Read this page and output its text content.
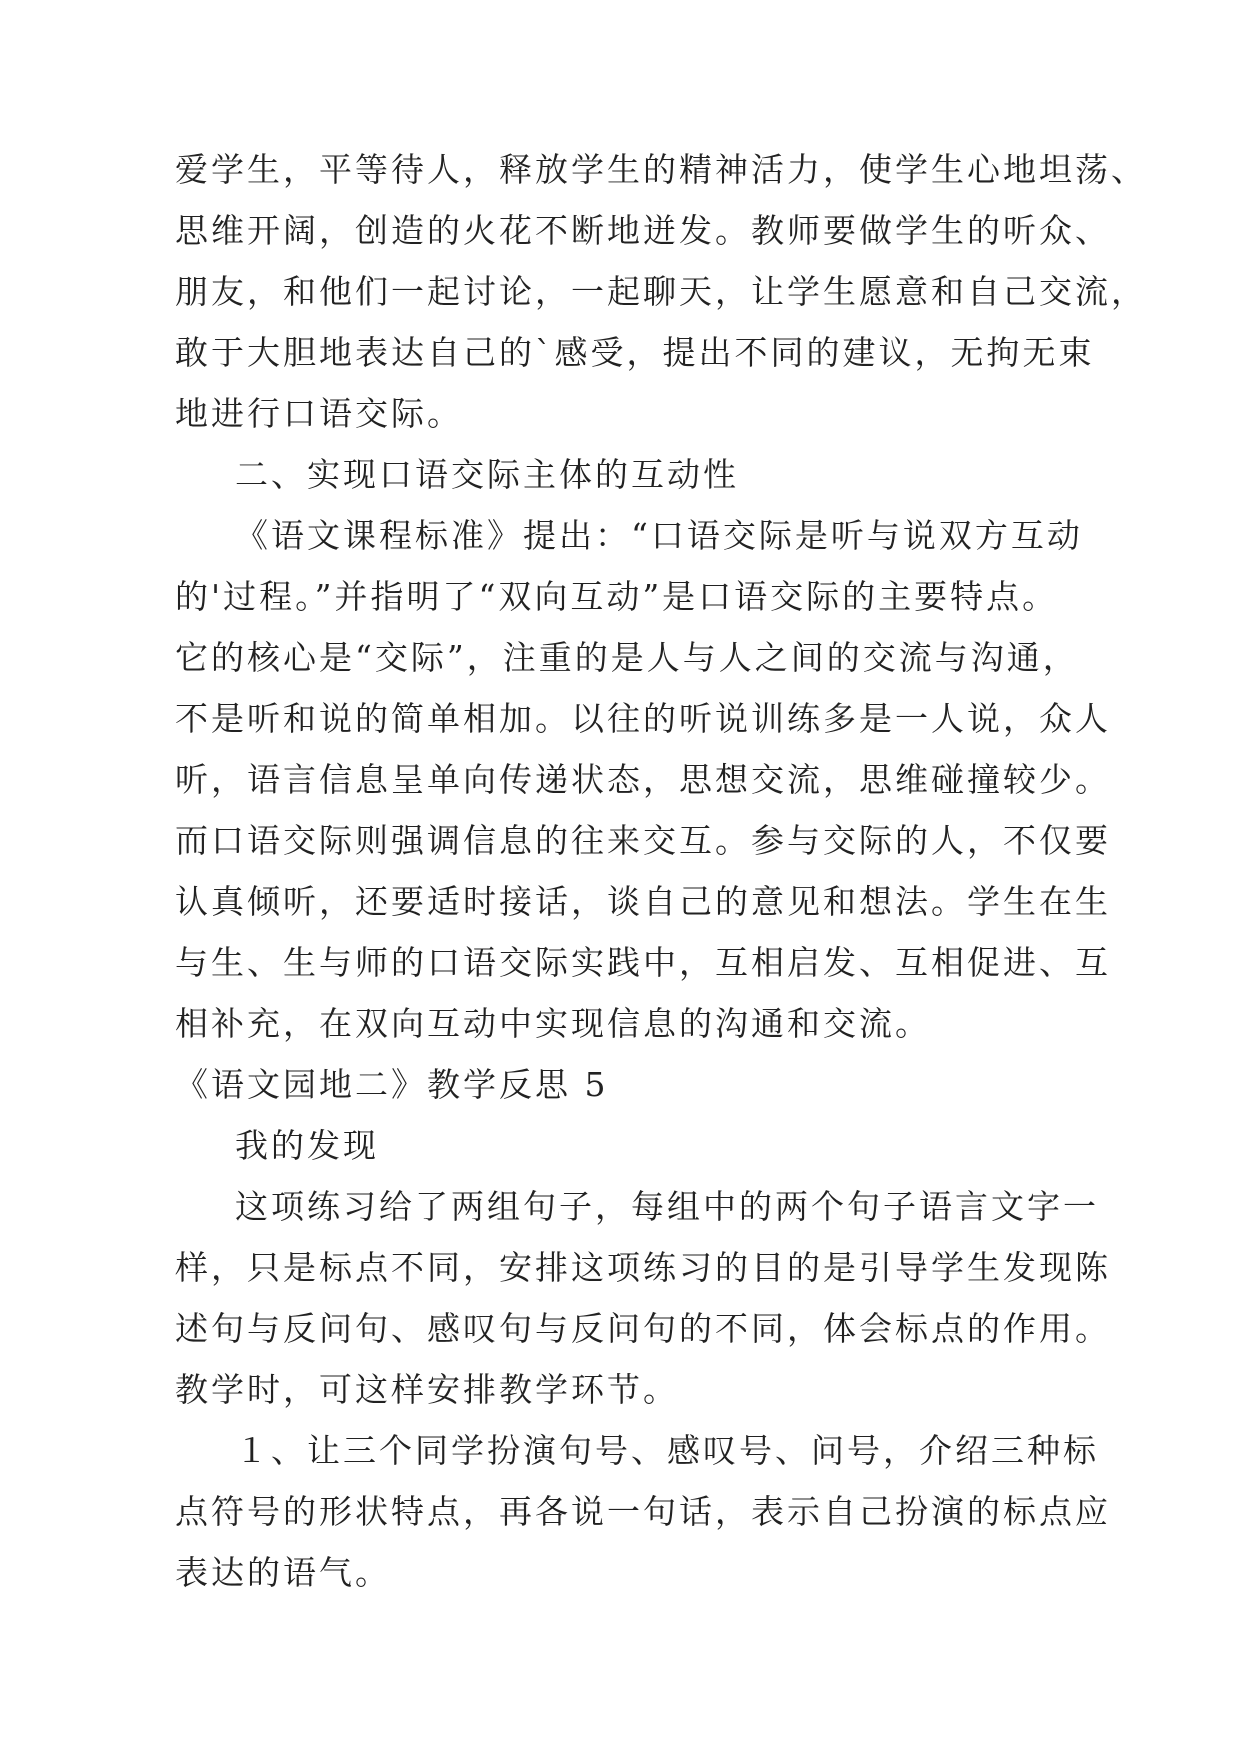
爱学生，平等待人，释放学生的精神活力，使学生心地坦荡、
思维开阔，创造的火花不断地迸发。教师要做学生的听众、
朋友，和他们一起讨论，一起聊天，让学生愿意和自己交流，
敢于大胆地表达自己的`感受，提出不同的建议，无拘无束
地进行口语交际。
二、实现口语交际主体的互动性
《语文课程标准》提出：“口语交际是听与说双方互动
的'过程。”并指明了“双向互动”是口语交际的主要特点。
它的核心是“交际”，注重的是人与人之间的交流与沟通，
不是听和说的简单相加。以往的听说训练多是一人说，众人
听，语言信息呈单向传递状态，思想交流，思维碰撞较少。
而口语交际则强调信息的往来交互。参与交际的人，不仅要
认真倾听，还要适时接话，谈自己的意见和想法。学生在生
与生、生与师的口语交际实践中，互相启发、互相促进、互
相补充，在双向互动中实现信息的沟通和交流。
《语文园地二》教学反思 5
我的发现
这项练习给了两组句子，每组中的两个句子语言文字一
样，只是标点不同，安排这项练习的目的是引导学生发现陈
述句与反问句、感叹句与反问句的不同，体会标点的作用。
教学时，可这样安排教学环节。
１、让三个同学扮演句号、感叹号、问号，介绍三种标
点符号的形状特点，再各说一句话，表示自己扮演的标点应
表达的语气。
